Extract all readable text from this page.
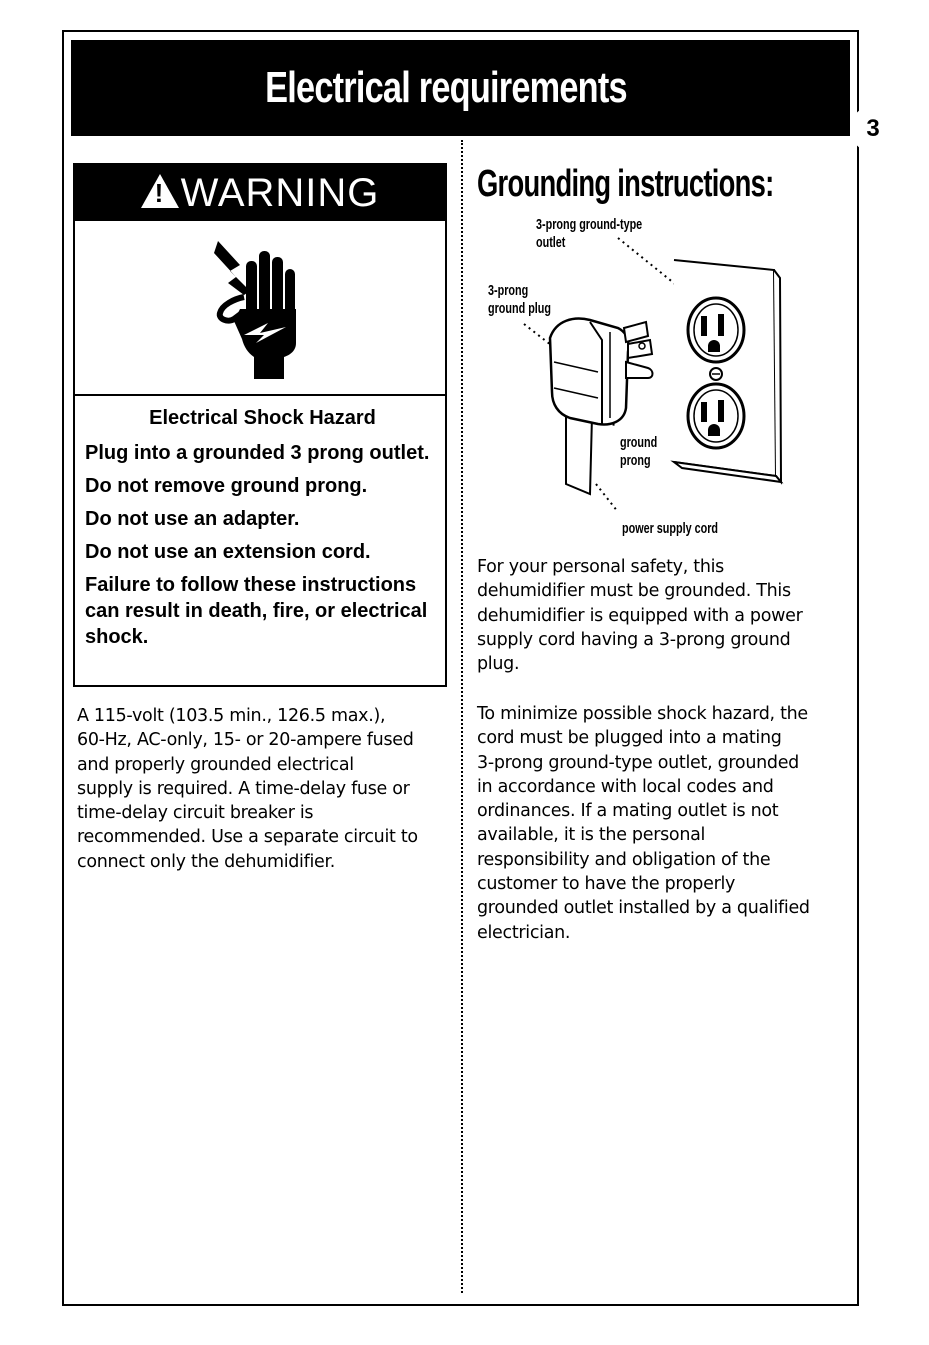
Electrical requirements
3
! WARNING
Electrical Shock Hazard

Plug into a grounded 3 prong outlet.

Do not remove ground prong.

Do not use an adapter.

Do not use an extension cord.

Failure to follow these instructions can result in death, fire, or electrical shock.

A 115-volt (103.5 min., 126.5 max.),

60-Hz, AC-only, 15- or 20-ampere fused

and properly grounded electrical

supply is required. A time-delay fuse or

time-delay circuit breaker is

recommended. Use a separate circuit to

connect only the dehumidifier.

Grounding instructions:
3-prong ground-type
outlet
3-prong
ground plug
ground
prong
power supply cord

For your personal safety, this

dehumidifier must be grounded. This

dehumidifier is equipped with a power

supply cord having a 3-prong ground

plug.

To minimize possible shock hazard, the

cord must be plugged into a mating

3-prong ground-type outlet, grounded

in accordance with local codes and

ordinances. If a mating outlet is not

available, it is the personal

responsibility and obligation of the

customer to have the properly

grounded outlet installed by a qualified

electrician.
